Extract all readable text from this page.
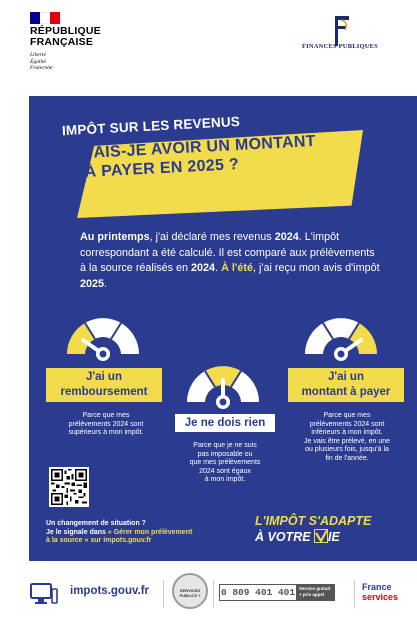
RÉPUBLIQUE
FRANÇAISE
Liberté
Égalité
Fraternité
FINANCES PUBLIQUES
IMPÔT SUR LES REVENUS
VAIS-JE AVOIR UN MONTANT
À PAYER EN 2025 ?
Au printemps, j'ai déclaré mes revenus 2024. L'impôt correspondant a été calculé. Il est comparé aux prélèvements à la source réalisés en 2024. À l'été, j'ai reçu mon avis d'impôt 2025.
J'ai un
remboursement
Je ne dois rien
J'ai un
montant à payer
Parce que mes
prélèvements 2024 sont
supérieurs à mon impôt.
Parce que je ne suis
pas imposable ou
que mes prélèvements
2024 sont égaux
à mon impôt.
Parce que mes
prélèvements 2024 sont
inférieurs à mon impôt.
Je vais être prélevé, en une
ou plusieurs fois, jusqu'à la
fin de l'année.
Un changement de situation ?
Je le signale dans « Gérer mon prélèvement
à la source » sur impots.gouv.fr
L'IMPÔT S'ADAPTE
À VOTRE IE
impots.gouv.fr	SERVICES PUBLICS + 0 809 401 401 Service gratuit
+ prix appel
France
services
